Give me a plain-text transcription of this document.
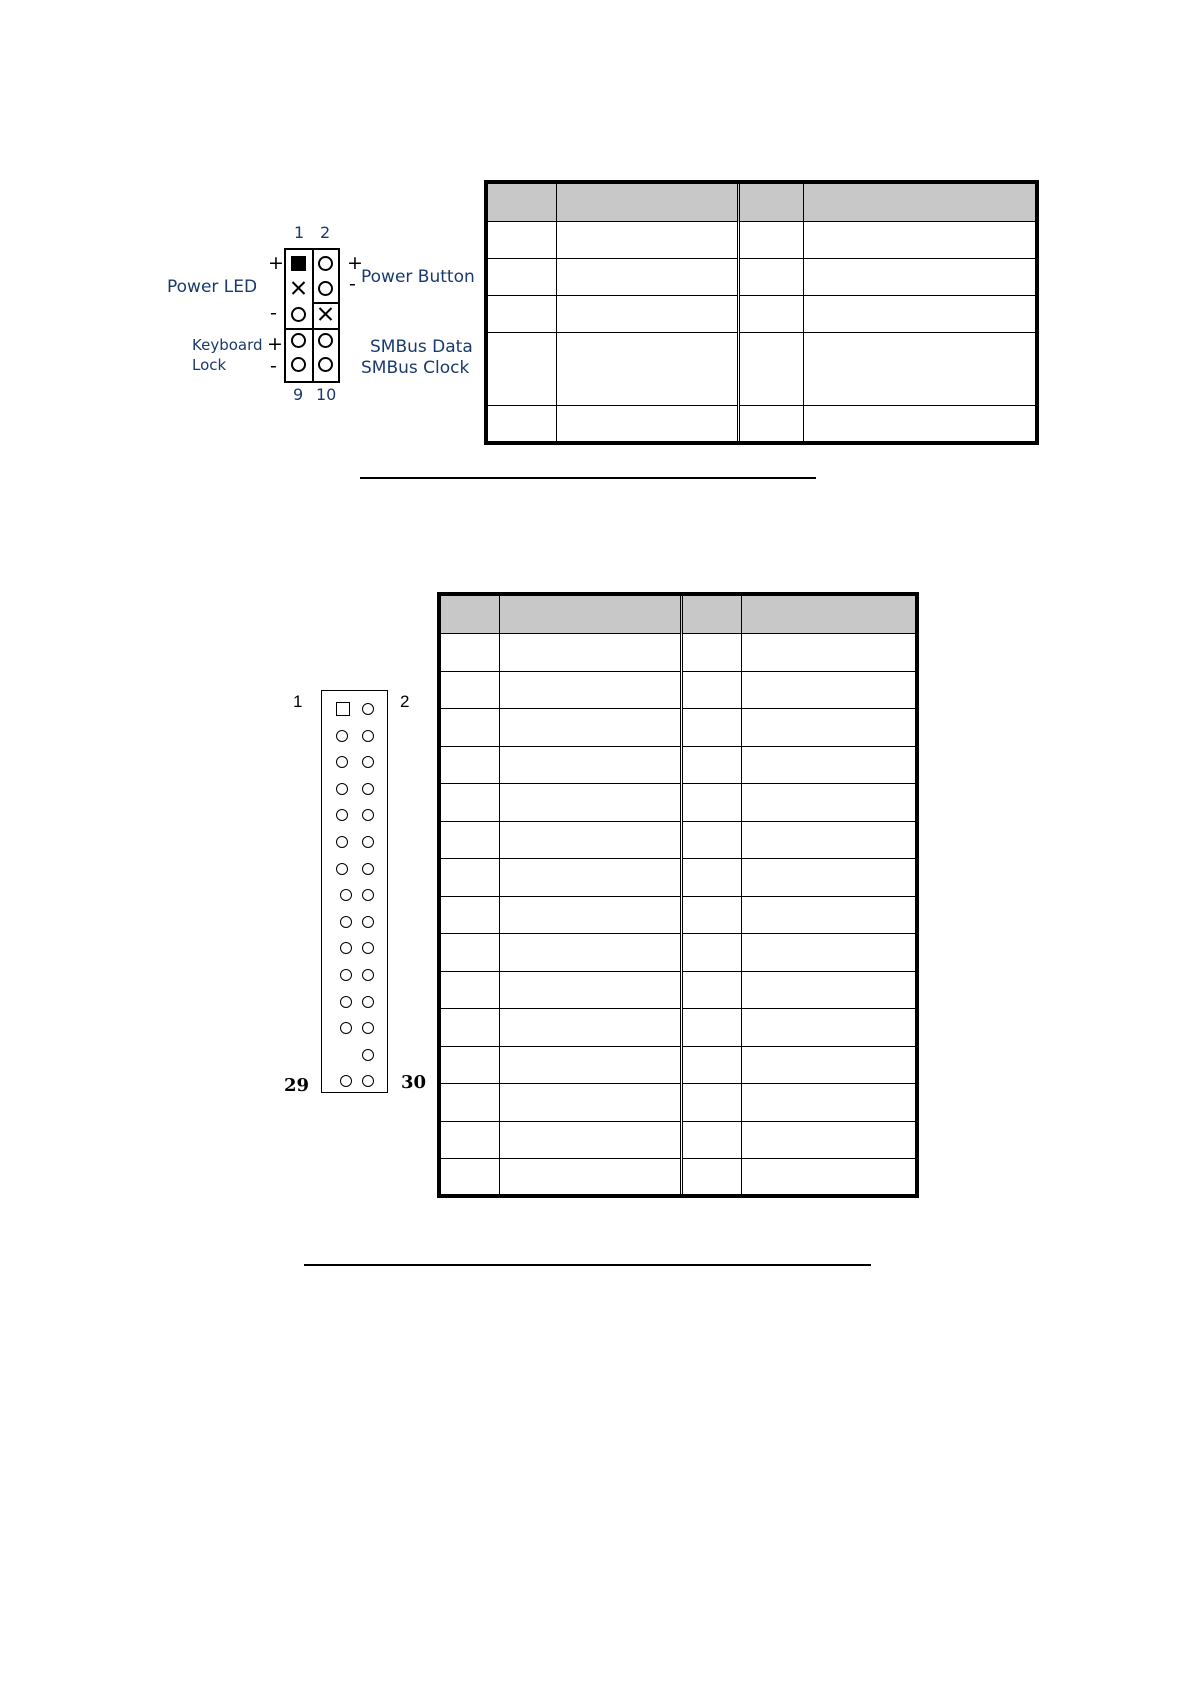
1 2
+
Power LED
-
+
- Power Button
Keyboard
Lock
+
-
SMBus Data
SMBus Clock
9 10

1	2
29	30
